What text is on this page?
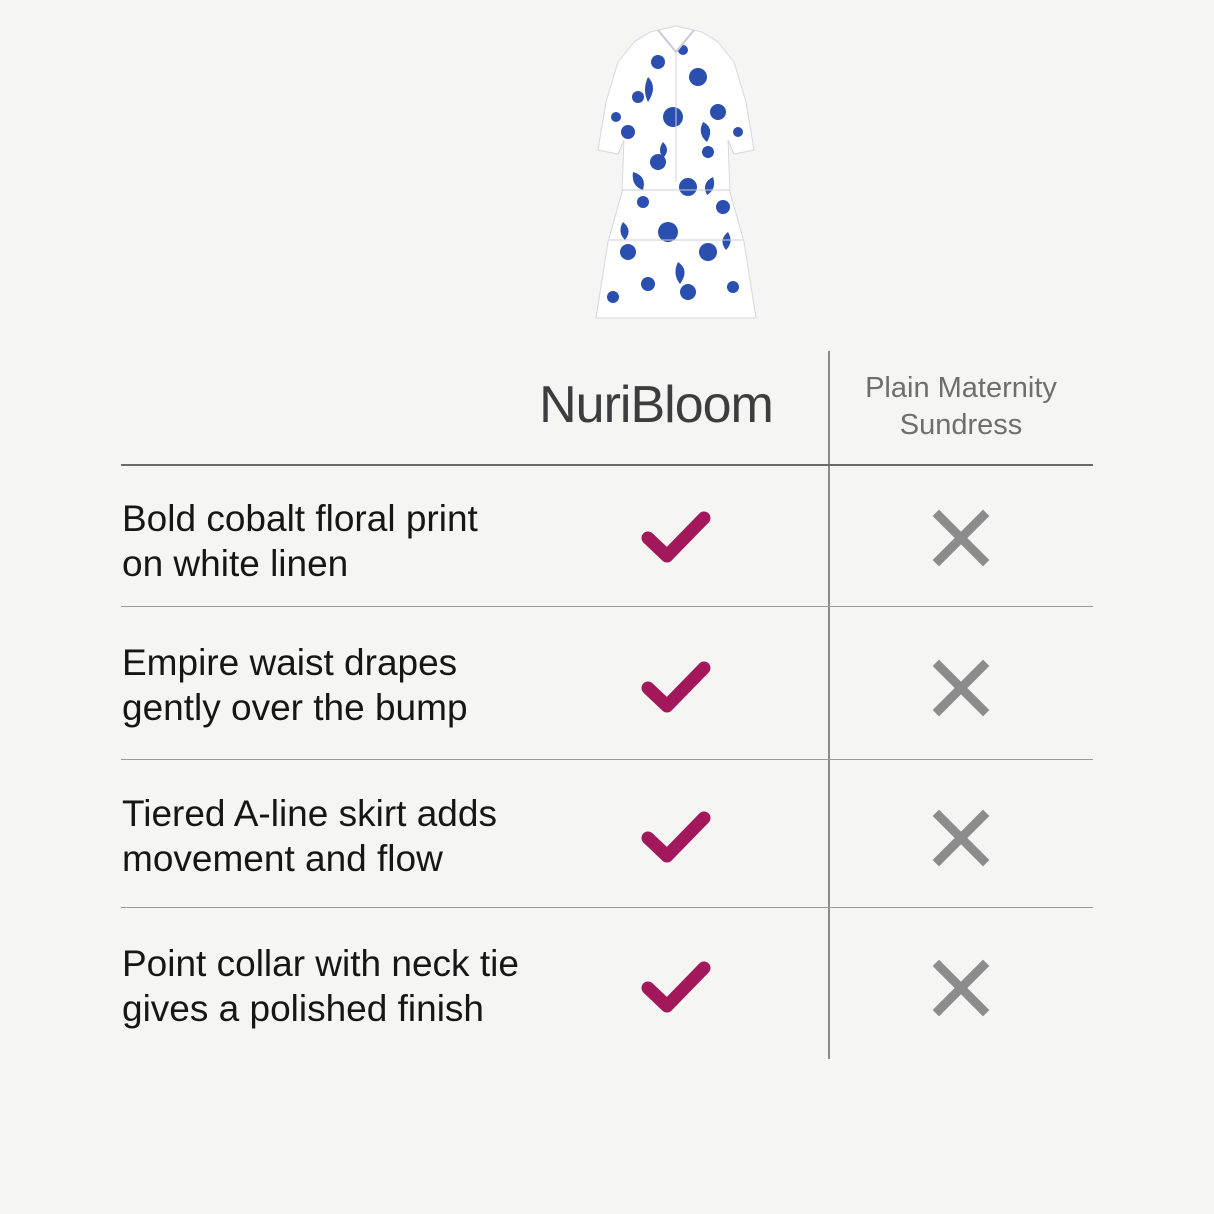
NuriBloom	Plain Maternity
Sundress
Bold cobalt floral print
on white linen
Empire waist drapes
gently over the bump
Tiered A-line skirt adds
movement and flow
Point collar with neck tie
gives a polished finish
